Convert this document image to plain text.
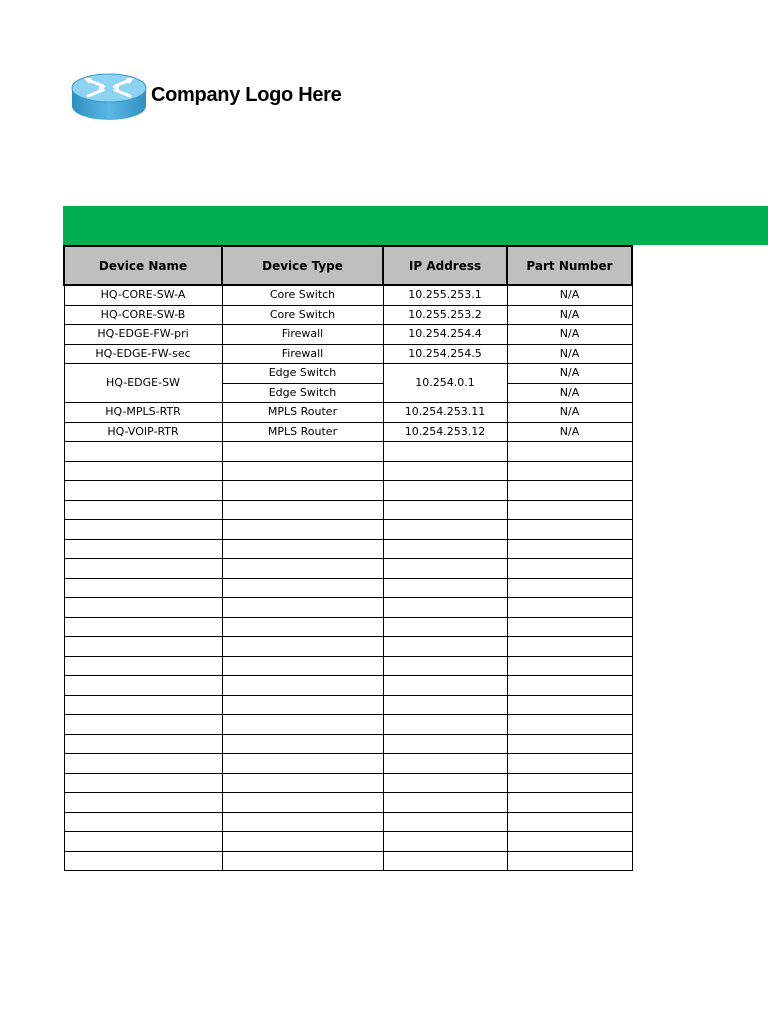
Company Logo Here
Device Name	Device Type	IP Address	Part Number
HQ-CORE-SW-A	Core Switch	10.255.253.1	N/A
HQ-CORE-SW-B	Core Switch	10.255.253.2	N/A
HQ-EDGE-FW-pri	Firewall	10.254.254.4	N/A
HQ-EDGE-FW-sec	Firewall	10.254.254.5	N/A
HQ-EDGE-SW	Edge Switch	10.254.0.1	N/A
	Edge Switch		N/A
HQ-MPLS-RTR	MPLS Router	10.254.253.11	N/A
HQ-VOIP-RTR	MPLS Router	10.254.253.12	N/A
